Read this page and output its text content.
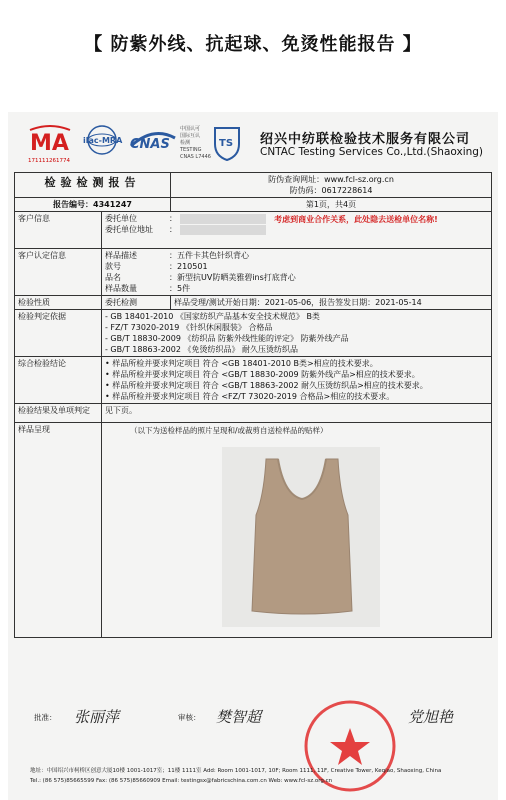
【 防紫外线、抗起球、免烫性能报告 】
MA
171111261774
ilac-MRA CNAS
中国认可
国际互认
检测
TESTING
CNAS L7446
TS 绍兴中纺联检验技术服务有限公司
CNTAC Testing Services Co.,Ltd.(Shaoxing)
检验检测报告		防伪查询网址：www.fcl-sz.org.cn
防伪码：0617228614

报告编号：4341247		第1页，共4页
客户信息	委托单位 ：
委托单位地址 ：  考虑到商业合作关系，此处隐去送检单位名称!	

客户认定信息	样品描述 ：五件卡其色针织背心
款号 ：210501
品名 ：新型抗UV防晒美雅碧ins打底背心
样品数量 ：5件	

检验性质	委托检测	样品受理/测试开始日期：2021-05-06，报告签发日期：2021-05-14
检验判定依据	- GB 18401-2010 《国家纺织产品基本安全技术规范》 B类
- FZ/T 73020-2019 《针织休闲服装》 合格品
- GB/T 18830-2009 《纺织品 防紫外线性能的评定》 防紫外线产品
- GB/T 18863-2002 《免烫纺织品》 耐久压烫纺织品	

综合检验结论	• 样品所检并要求判定项目 符合 <GB 18401-2010 B类>相应的技术要求。
• 样品所检并要求判定项目 符合 <GB/T 18830-2009 防紫外线产品>相应的技术要求。
• 样品所检并要求判定项目 符合 <GB/T 18863-2002 耐久压烫纺织品>相应的技术要求。
• 样品所检并要求判定项目 符合 <FZ/T 73020-2019 合格品>相应的技术要求。	

检验结果及单项判定	见下页。	
样品呈现	（以下为送检样品的照片呈现和/或裁剪自送检样品的贴样）	
批准： 张丽萍	审核： 樊智超	党旭艳
地址：中国绍兴市柯桥区创意大厦10楼 1001-1017室；11楼 1111室 Add: Room 1001-1017, 10F; Room 1111, 11F, Creative Tower, Keqiao, Shaoxing, China
Tel.: (86 575)85665599 Fax: (86 575)85660909 Email: testingsx@fabricschina.com.cn Web: www.fcl-sz.org.cn
